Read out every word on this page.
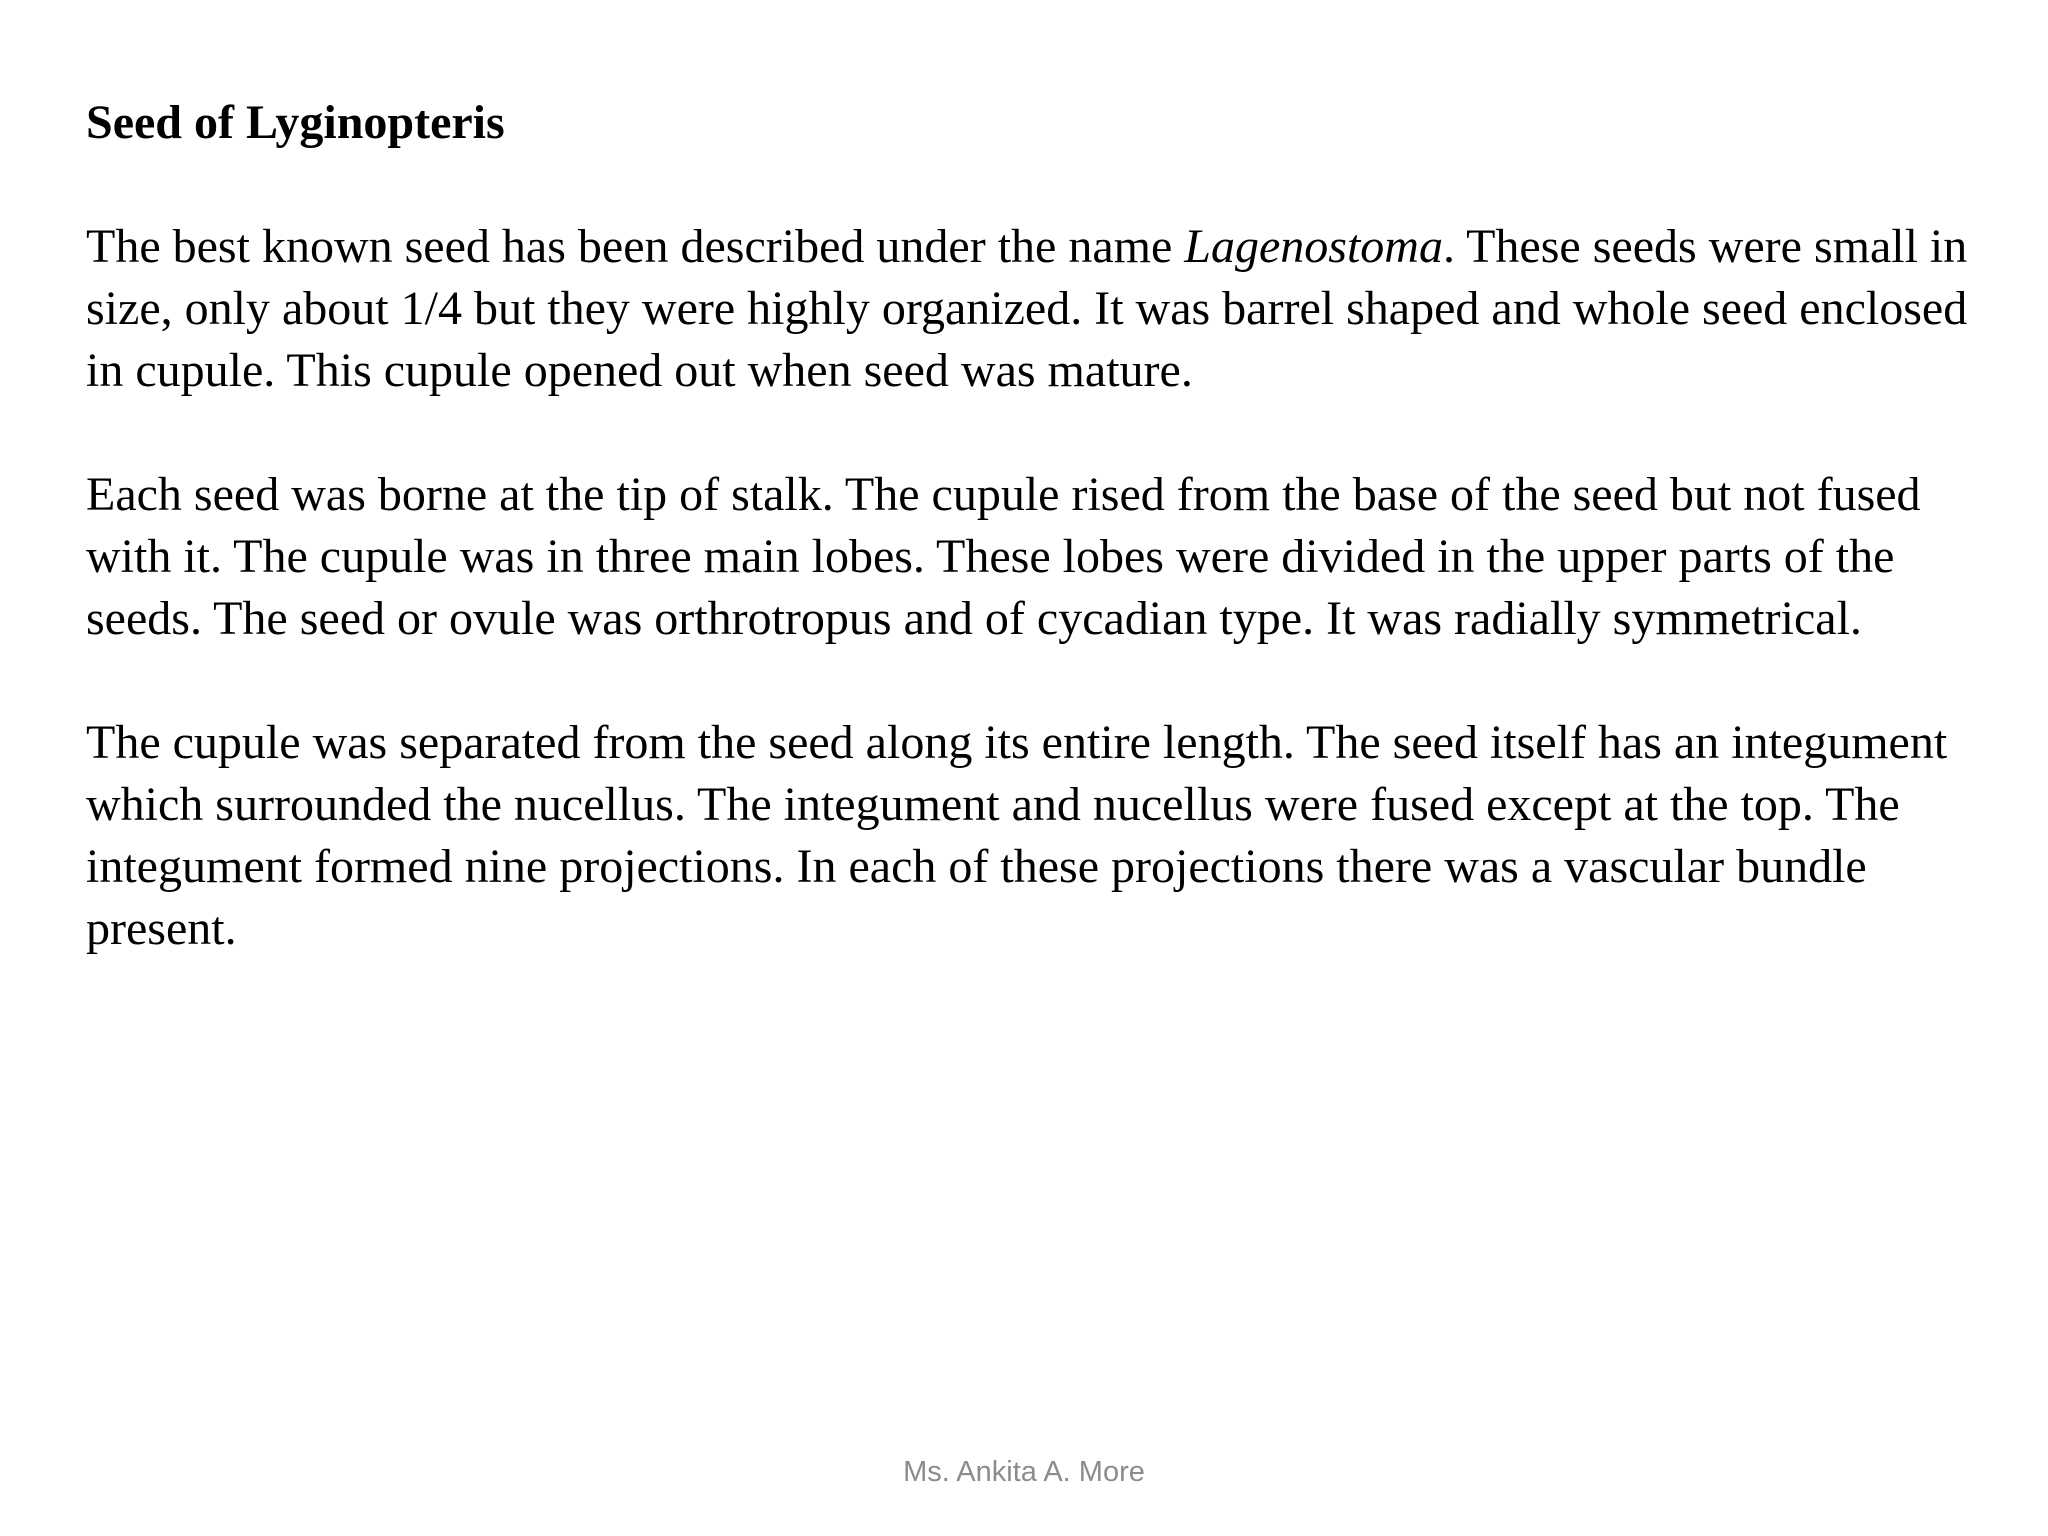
Seed of Lyginopteris

The best known seed has been described under the name Lagenostoma. These seeds were small in size, only about 1/4 but they were highly organized. It was barrel shaped and whole seed enclosed in cupule. This cupule opened out when seed was mature.

Each seed was borne at the tip of stalk. The cupule rised from the base of the seed but not fused with it. The cupule was in three main lobes. These lobes were divided in the upper parts of the seeds. The seed or ovule was orthrotropus and of cycadian type. It was radially symmetrical.

The cupule was separated from the seed along its entire length. The seed itself has an integument which surrounded the nucellus. The integument and nucellus were fused except at the top. The integument formed nine projections. In each of these projections there was a vascular bundle present.

Ms. Ankita A. More
